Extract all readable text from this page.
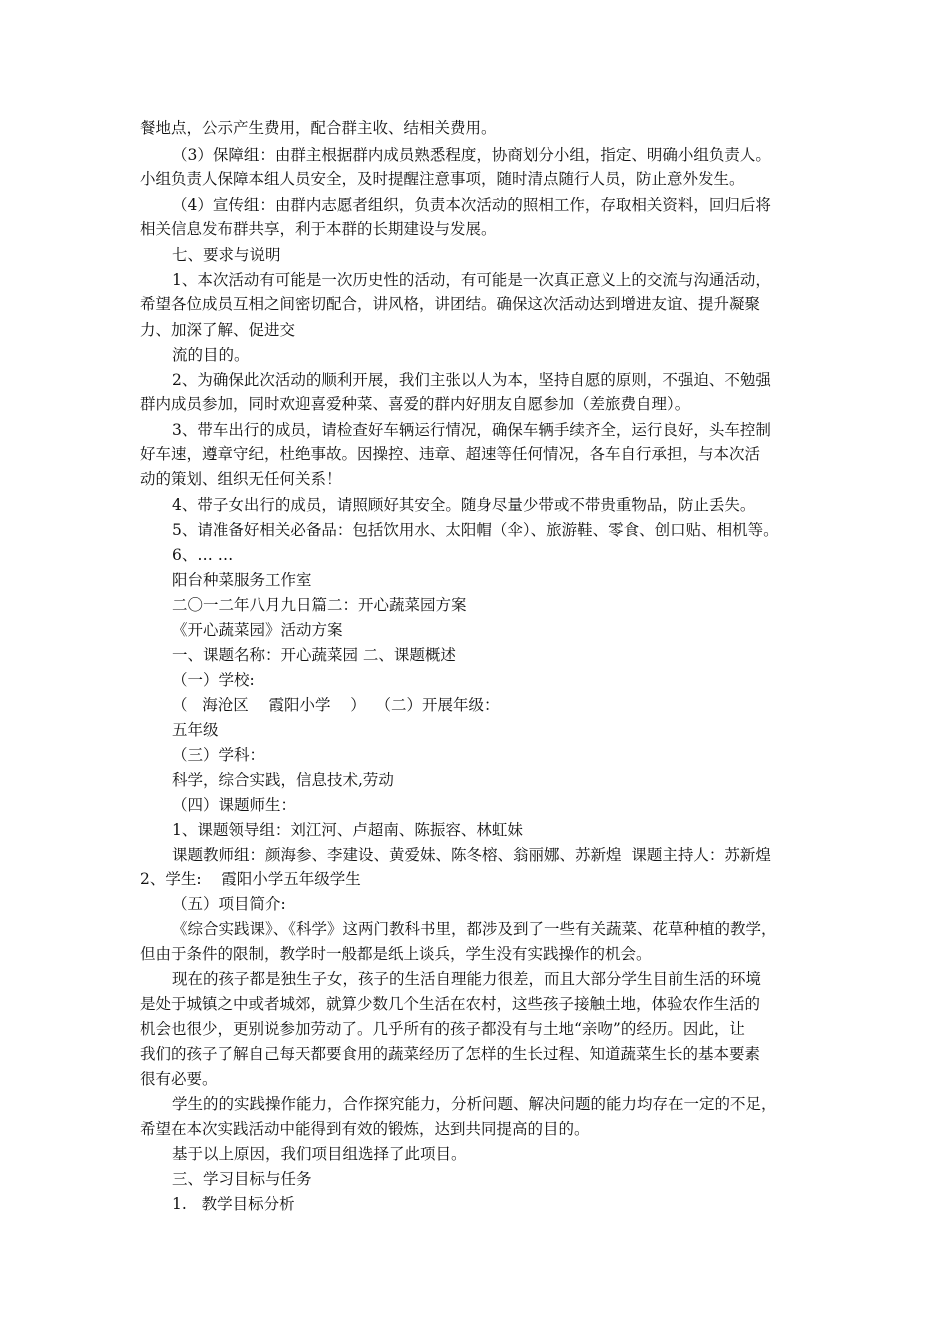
餐地点，公示产生费用，配合群主收、结相关费用。
（3）保障组：由群主根据群内成员熟悉程度，协商划分小组，指定、明确小组负责人。
小组负责人保障本组人员安全，及时提醒注意事项，随时清点随行人员，防止意外发生。
（4）宣传组：由群内志愿者组织，负责本次活动的照相工作，存取相关资料，回归后将
相关信息发布群共享，利于本群的长期建设与发展。
七、要求与说明
1、本次活动有可能是一次历史性的活动，有可能是一次真正意义上的交流与沟通活动，
希望各位成员互相之间密切配合，讲风格，讲团结。确保这次活动达到增进友谊、提升凝聚
力、加深了解、促进交
流的目的。
2、为确保此次活动的顺利开展，我们主张以人为本，坚持自愿的原则，不强迫、不勉强
群内成员参加，同时欢迎喜爱种菜、喜爱的群内好朋友自愿参加（差旅费自理）。
3、带车出行的成员，请检查好车辆运行情况，确保车辆手续齐全，运行良好，头车控制
好车速，遵章守纪，杜绝事故。因操控、违章、超速等任何情况，各车自行承担，与本次活
动的策划、组织无任何关系！
4、带子女出行的成员，请照顾好其安全。随身尽量少带或不带贵重物品，防止丢失。
5、请准备好相关必备品：包括饮用水、太阳帽（伞）、旅游鞋、零食、创口贴、相机等。
6、… …
阳台种菜服务工作室
二〇一二年八月九日篇二：开心蔬菜园方案
《开心蔬菜园》活动方案
一、课题名称：开心蔬菜园 二、课题概述
（一）学校:
（   海沧区    霞阳小学    ）  （二）开展年级：
五年级
（三）学科：
科学，综合实践，信息技术,劳动
（四）课题师生：
1、课题领导组：刘江河、卢超南、陈振容、林虹妹
课题教师组：颜海参、李建设、黄爱妹、陈冬榕、翁丽娜、苏新煌  课题主持人：苏新煌
2、学生:    霞阳小学五年级学生
（五）项目简介:
《综合实践课》、《科学》这两门教科书里，都涉及到了一些有关蔬菜、花草种植的教学，
但由于条件的限制，教学时一般都是纸上谈兵，学生没有实践操作的机会。
现在的孩子都是独生子女，孩子的生活自理能力很差，而且大部分学生目前生活的环境
是处于城镇之中或者城郊，就算少数几个生活在农村，这些孩子接触土地，体验农作生活的
机会也很少，更别说参加劳动了。几乎所有的孩子都没有与土地“亲吻”的经历。因此，让
我们的孩子了解自己每天都要食用的蔬菜经历了怎样的生长过程、知道蔬菜生长的基本要素
很有必要。
学生的的实践操作能力，合作探究能力，分析问题、解决问题的能力均存在一定的不足，
希望在本次实践活动中能得到有效的锻炼，达到共同提高的目的。
基于以上原因，我们项目组选择了此项目。
三、学习目标与任务
1.   教学目标分析
